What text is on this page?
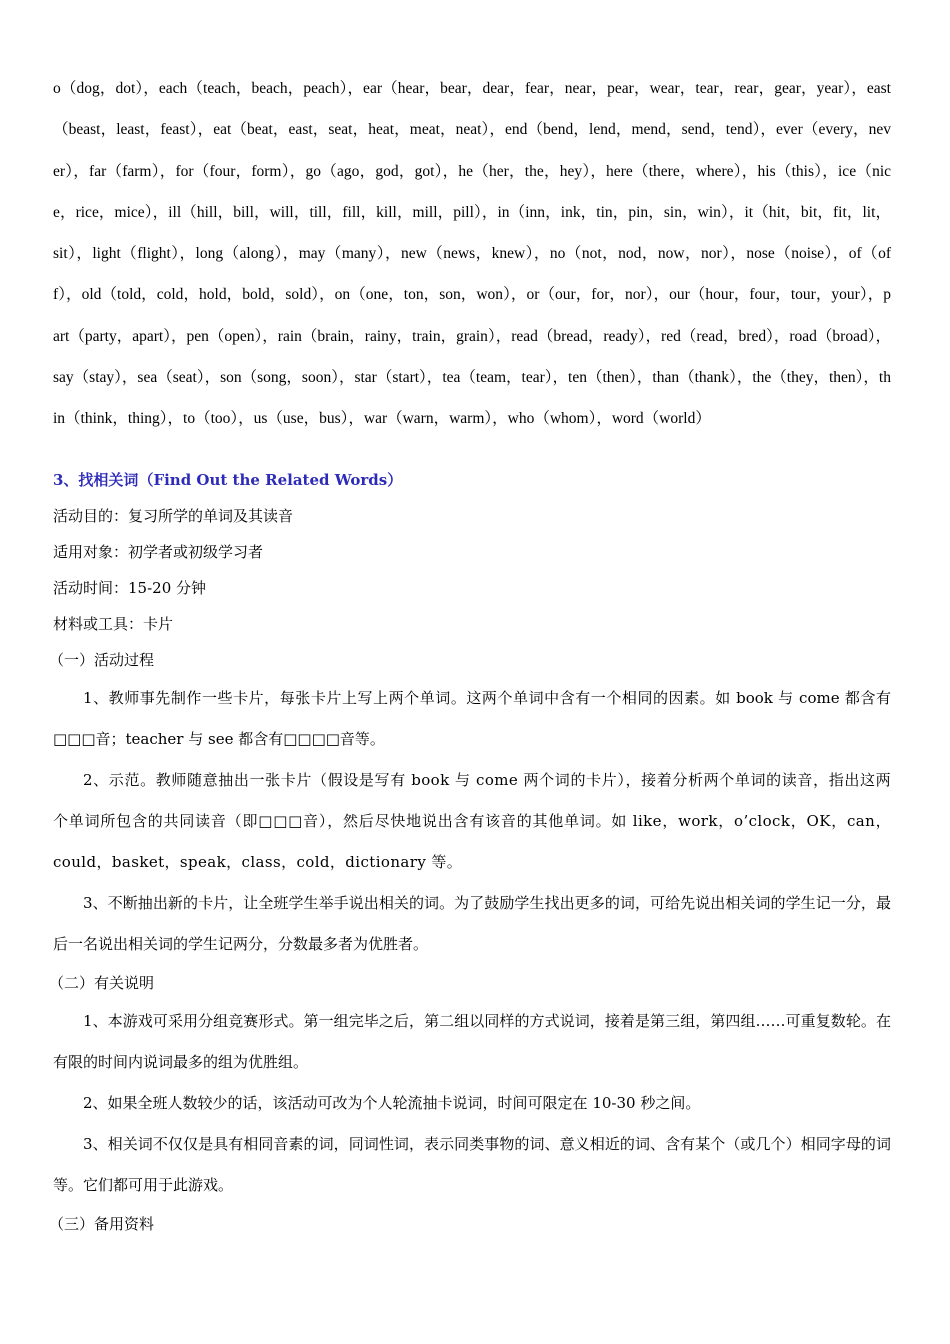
o（dog，dot），each（teach，beach，peach），ear（hear，bear，dear，fear，near，pear，wear，tear，rear，gear，year），east（beast，least，feast），eat（beat，east，seat，heat，meat，neat），end（bend，lend，mend，send，tend），ever（every，never），far（farm），for（four，form），go（ago，god，got），he（her，the，hey），here（there，where），his（this），ice（nice，rice，mice），ill（hill，bill，will，till，fill，kill，mill，pill），in（inn，ink，tin，pin，sin，win），it（hit，bit，fit，lit，sit），light（flight），long（along），may（many），new（news，knew），no（not，nod，now，nor），nose（noise），of（off），old（told，cold，hold，bold，sold），on（one，ton，son，won），or（our，for，nor），our（hour，four，tour，your），part（party，apart），pen（open），rain（brain，rainy，train，grain），read（bread，ready），red（read，bred），road（broad），say（stay），sea（seat），son（song，soon），star（start），tea（team，tear），ten（then），than（thank），the（they，then），thin（think，thing），to（too），us（use，bus），war（warn，warm），who（whom），word（world）

3、找相关词（Find Out the Related Words）

活动目的：复习所学的单词及其读音

适用对象：初学者或初级学习者

活动时间：15-20 分钟

材料或工具：卡片

（一）活动过程

1、教师事先制作一些卡片，每张卡片上写上两个单词。这两个单词中含有一个相同的因素。如 book 与 come 都含有□□□音；teacher 与 see 都含有□□□□音等。

2、示范。教师随意抽出一张卡片（假设是写有 book 与 come 两个词的卡片），接着分析两个单词的读音，指出这两个单词所包含的共同读音（即□□□音），然后尽快地说出含有该音的其他单词。如 like，work，o’clock，OK，can，could，basket，speak，class，cold，dictionary 等。

3、不断抽出新的卡片，让全班学生举手说出相关的词。为了鼓励学生找出更多的词，可给先说出相关词的学生记一分，最后一名说出相关词的学生记两分，分数最多者为优胜者。

（二）有关说明

1、本游戏可采用分组竞赛形式。第一组完毕之后，第二组以同样的方式说词，接着是第三组，第四组……可重复数轮。在有限的时间内说词最多的组为优胜组。

2、如果全班人数较少的话，该活动可改为个人轮流抽卡说词，时间可限定在 10-30 秒之间。

3、相关词不仅仅是具有相同音素的词，同词性词，表示同类事物的词、意义相近的词、含有某个（或几个）相同字母的词等。它们都可用于此游戏。

（三）备用资料
